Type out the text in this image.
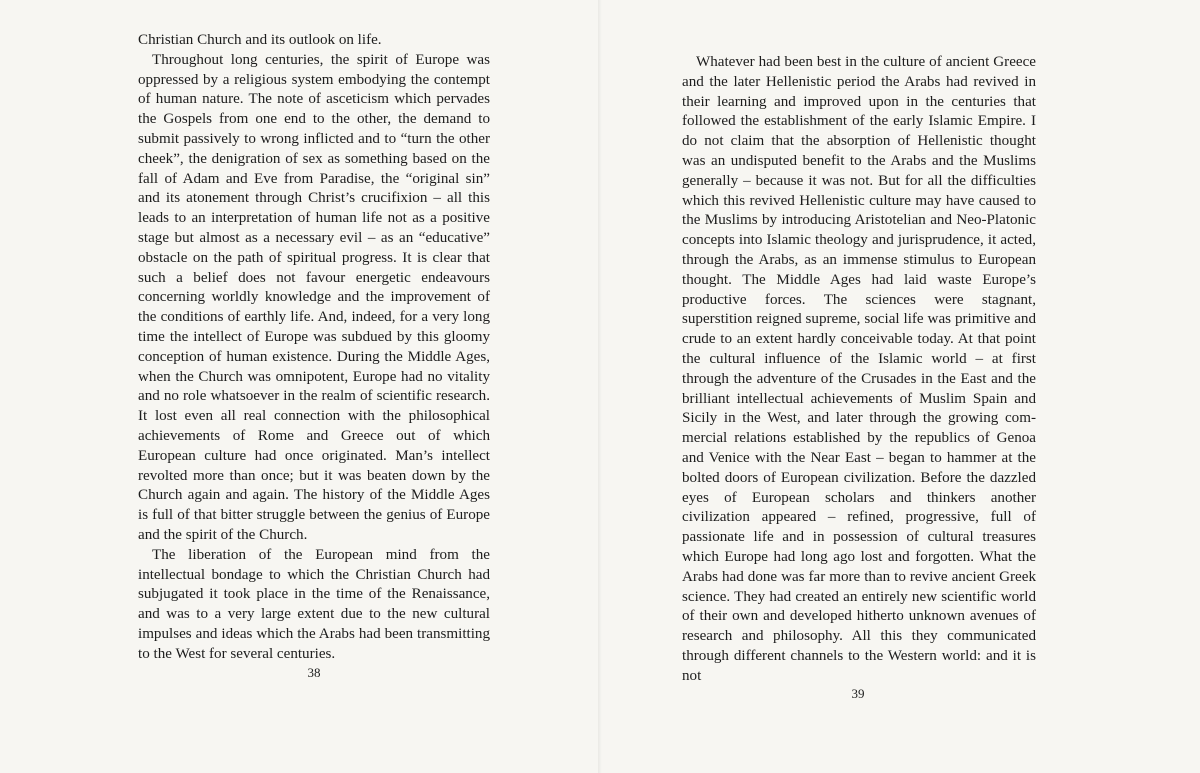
Christian Church and its outlook on life.

Throughout long centuries, the spirit of Europe was oppressed by a religious system embodying the contempt of human nature. The note of asceticism which pervades the Gospels from one end to the other, the demand to submit passively to wrong inflicted and to “turn the other cheek”, the denigration of sex as something based on the fall of Adam and Eve from Paradise, the “original sin” and its atonement through Christ’s crucifixion – all this leads to an interpretation of human life not as a positive stage but almost as a necessary evil – as an “educative” obstacle on the path of spiritual progress. It is clear that such a belief does not favour energetic endeavours concerning worldly knowledge and the improvement of the conditions of earthly life. And, indeed, for a very long time the intellect of Europe was subdued by this gloomy conception of human existence. During the Middle Ages, when the Church was omnipotent, Europe had no vitality and no role whatsoever in the realm of scientific research. It lost even all real connection with the philosophical achievements of Rome and Greece out of which European culture had once originated. Man’s intellect revolted more than once; but it was beaten down by the Church again and again. The history of the Middle Ages is full of that bitter struggle between the genius of Europe and the spirit of the Church.

The liberation of the European mind from the intellectual bondage to which the Christian Church had subjugated it took place in the time of the Renaissance, and was to a very large extent due to the new cultural impulses and ideas which the Arabs had been transmitting to the West for several centuries.

38

Whatever had been best in the culture of ancient Greece and the later Hellenistic period the Arabs had revived in their learning and improved upon in the centuries that followed the establishment of the early Islamic Empire. I do not claim that the absorption of Hellenistic thought was an undisputed benefit to the Arabs and the Muslims generally – because it was not. But for all the difficulties which this revived Hellenistic culture may have caused to the Muslims by introducing Aristotelian and Neo-Platonic concepts into Islamic theology and jurisprudence, it acted, through the Arabs, as an immense stimulus to European thought. The Middle Ages had laid waste Europe’s productive forces. The sciences were stagnant, superstition reigned supreme, social life was primitive and crude to an extent hardly conceivable today. At that point the cultural influence of the Islamic world – at first through the adventure of the Crusades in the East and the brilliant intellectual achievements of Muslim Spain and Sicily in the West, and later through the growing commercial relations established by the republics of Genoa and Venice with the Near East – began to hammer at the bolted doors of European civilization. Before the dazzled eyes of European scholars and thinkers another civilization appeared – refined, progressive, full of passionate life and in possession of cultural treasures which Europe had long ago lost and forgotten. What the Arabs had done was far more than to revive ancient Greek science. They had created an entirely new scientific world of their own and developed hitherto unknown avenues of research and philosophy. All this they communicated through different channels to the Western world: and it is not

39
